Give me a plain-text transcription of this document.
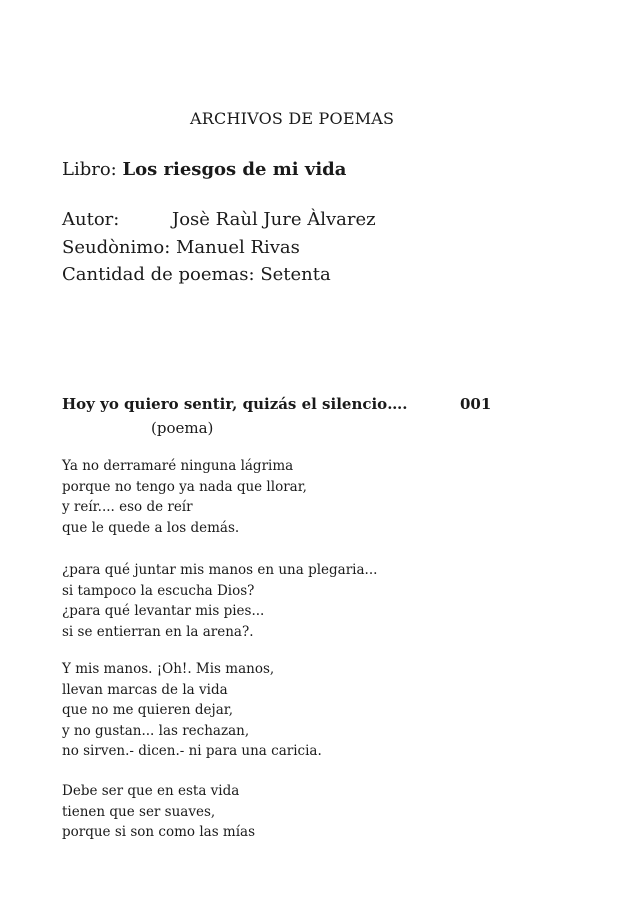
ARCHIVOS DE POEMAS
Libro: Los riesgos de mi vida
Autor:	Josè Raùl Jure Àlvarez
Seudònimo: Manuel Rivas
Cantidad de poemas: Setenta
Hoy yo quiero sentir, quizás el silencio….	001
(poema)
Ya no derramaré ninguna lágrima
porque no tengo ya nada que llorar,
y reír.... eso de reír
que le quede a los demás.
¿para qué juntar mis manos en una plegaria...
si tampoco la escucha Dios?
¿para qué levantar mis pies...
si se entierran en la arena?.
Y mis manos. ¡Oh!. Mis manos,
llevan marcas de la vida
que no me quieren dejar,
y no gustan... las rechazan,
no sirven.- dicen.- ni para una caricia.
Debe ser que en esta vida
tienen que ser suaves,
porque si son como las mías
